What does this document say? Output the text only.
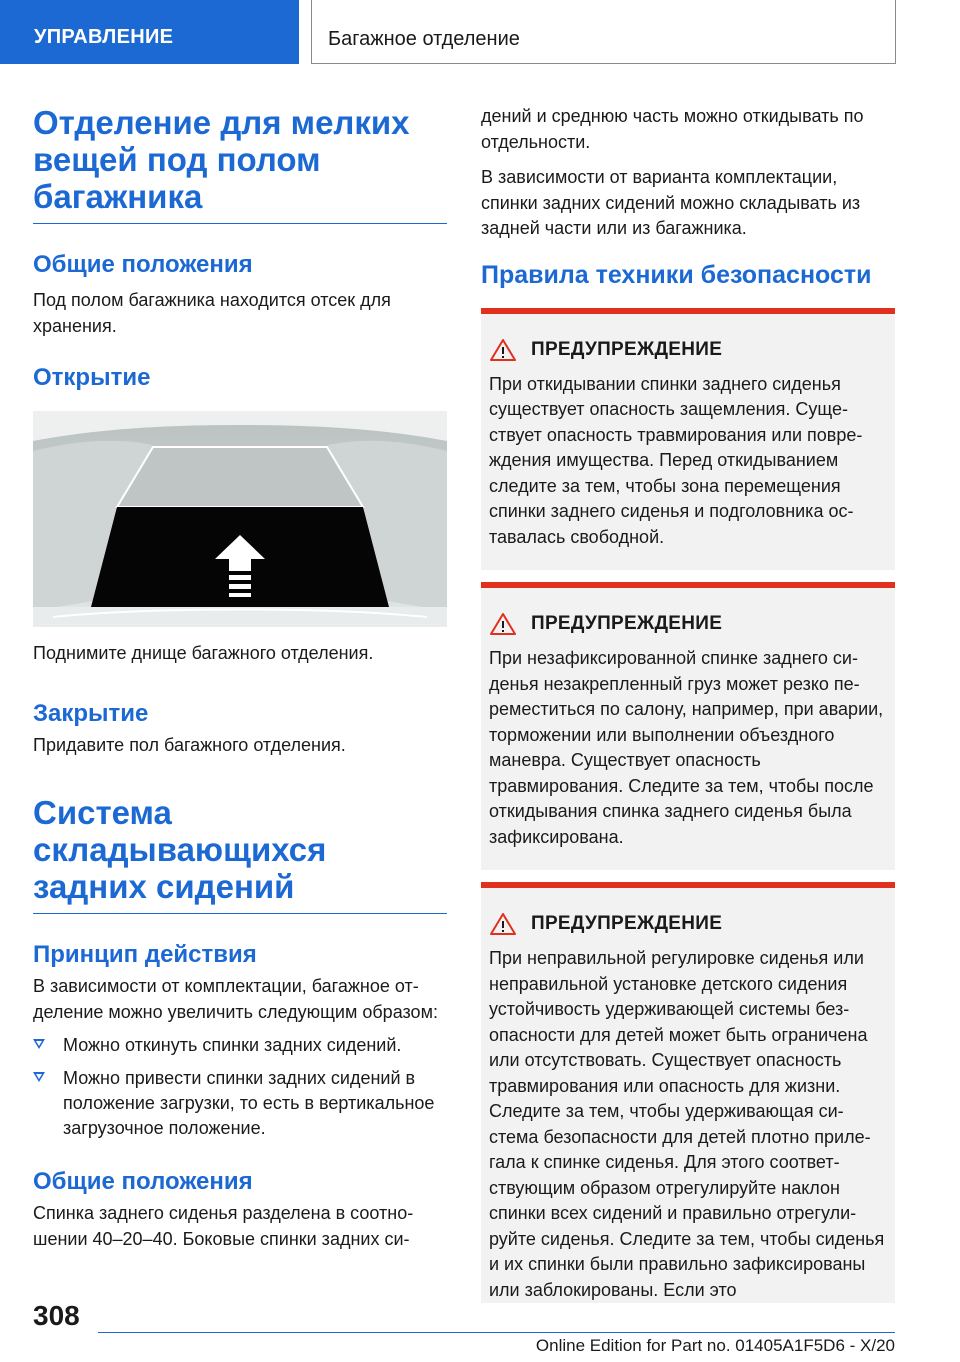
УПРАВЛЕНИЕ	Багажное отделение
Отделение для мелких вещей под полом багажника
Общие положения

Под полом багажника находится отсек для хранения.

Открытие

Поднимите днище багажного отделения.

Закрытие

Придавите пол багажного отделения.

Система складывающихся задних сидений
Принцип действия

В зависимости от комплектации, багажное отделение можно увеличить следующим образом:

Можно откинуть спинки задних сидений.
Можно привести спинки задних сидений в положение загрузки, то есть в вертикальное загрузочное положение.
Общие положения

Спинка заднего сиденья разделена в соотношении 40–20–40. Боковые спинки задних си-

дений и среднюю часть можно откидывать по отдельности.

В зависимости от варианта комплектации, спинки задних сидений можно складывать из задней части или из багажника.

Правила техники безопасности
ПРЕДУПРЕЖДЕНИЕ

При откидывании спинки заднего сиденья существует опасность защемления. Существует опасность травмирования или повреждения имущества. Перед откидыванием следите за тем, чтобы зона перемещения спинки заднего сиденья и подголовника оставалась свободной.

ПРЕДУПРЕЖДЕНИЕ

При незафиксированной спинке заднего сиденья незакрепленный груз может резко переместиться по салону, например, при аварии, торможении или выполнении объездного маневра. Существует опасность травмирования. Следите за тем, чтобы после откидывания спинка заднего сиденья была зафиксирована.

ПРЕДУПРЕЖДЕНИЕ

При неправильной регулировке сиденья или неправильной установке детского сидения устойчивость удерживающей системы безопасности для детей может быть ограничена или отсутствовать. Существует опасность травмирования или опасность для жизни. Следите за тем, чтобы удерживающая система безопасности для детей плотно прилегала к спинке сиденья. Для этого соответствующим образом отрегулируйте наклон спинки всех сидений и правильно отрегулируйте сиденья. Следите за тем, чтобы сиденья и их спинки были правильно зафиксированы или заблокированы. Если это

308
Online Edition for Part no. 01405A1F5D6 - X/20
